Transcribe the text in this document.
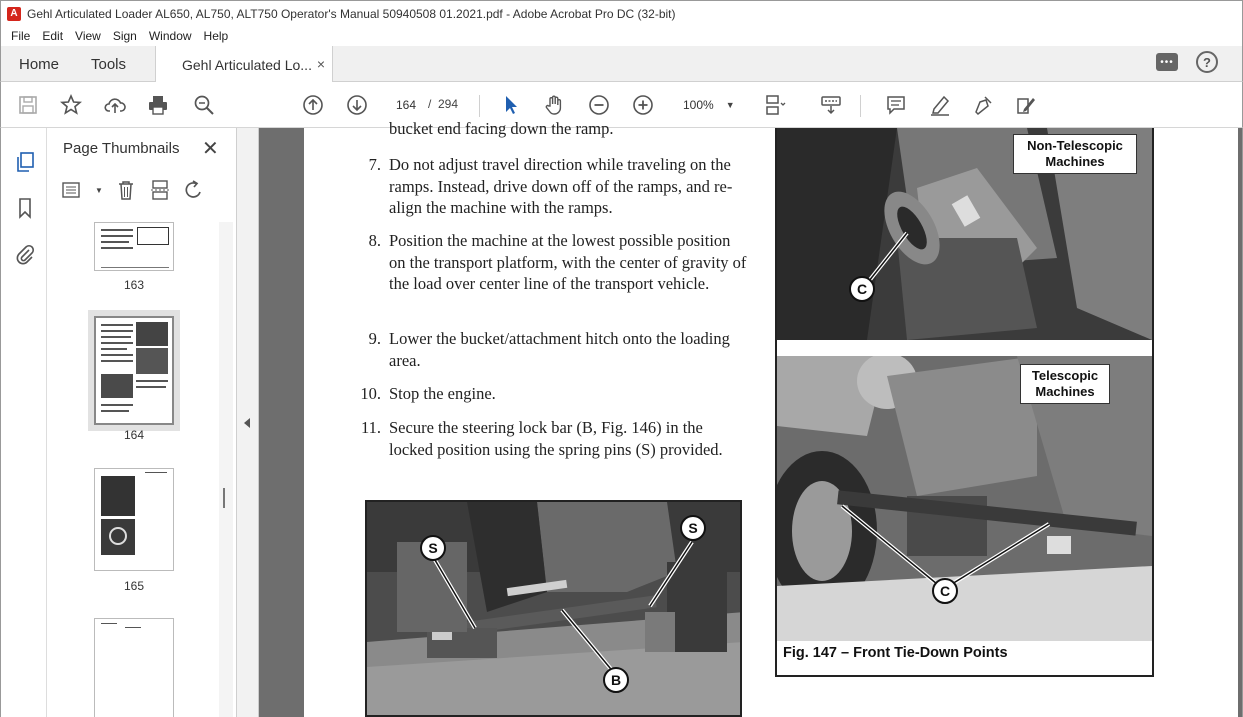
A Gehl Articulated Loader AL650, AL750, ALT750 Operator's Manual 50940508 01.2021.pdf - Adobe Acrobat Pro DC (32-bit)
File	Edit	View	Sign	Window	Help
Home Tools	Gehl Articulated Lo... ×	•••	?
164 / 294	100% ▼
Page Thumbnails ✕
▼
163
164
165
bucket end facing down the ramp.
7. Do not adjust travel direction while traveling on the ramps. Instead, drive down off of the ramps, and re-align the machine with the ramps.
8. Position the machine at the lowest possible position on the transport platform, with the center of gravity of the load over center line of the transport vehicle.
9. Lower the bucket/attachment hitch onto the loading area.
10. Stop the engine.
11. Secure the steering lock bar (B, Fig. 146) in the locked position using the spring pins (S) provided.
S
S
B
Non-Telescopic Machines
C
Telescopic Machines
C
Fig. 147 – Front Tie-Down Points
